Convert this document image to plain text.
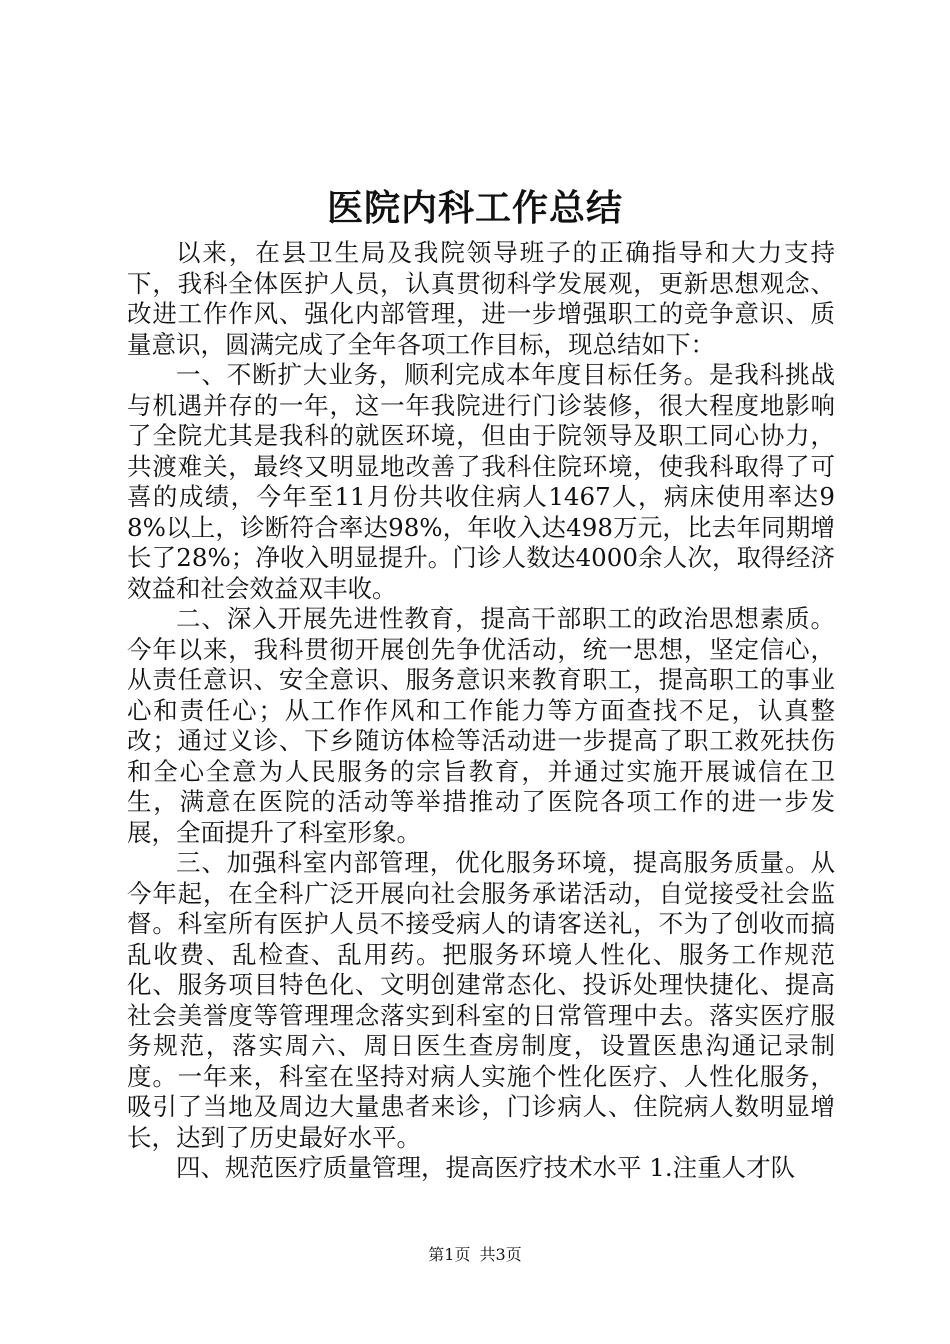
医院内科工作总结

以来，在县卫生局及我院领导班子的正确指导和大力支持下，我科全体医护人员，认真贯彻科学发展观，更新思想观念、改进工作作风、强化内部管理，进一步增强职工的竞争意识、质量意识，圆满完成了全年各项工作目标，现总结如下：

一、不断扩大业务，顺利完成本年度目标任务。是我科挑战与机遇并存的一年，这一年我院进行门诊装修，很大程度地影响了全院尤其是我科的就医环境，但由于院领导及职工同心协力，共渡难关，最终又明显地改善了我科住院环境，使我科取得了可喜的成绩，今年至11月份共收住病人1467人，病床使用率达98%以上，诊断符合率达98%，年收入达498万元，比去年同期增长了28%；净收入明显提升。门诊人数达4000余人次，取得经济效益和社会效益双丰收。

二、深入开展先进性教育，提高干部职工的政治思想素质。今年以来，我科贯彻开展创先争优活动，统一思想，坚定信心，从责任意识、安全意识、服务意识来教育职工，提高职工的事业心和责任心；从工作作风和工作能力等方面查找不足，认真整改；通过义诊、下乡随访体检等活动进一步提高了职工救死扶伤和全心全意为人民服务的宗旨教育，并通过实施开展诚信在卫生，满意在医院的活动等举措推动了医院各项工作的进一步发展，全面提升了科室形象。

三、加强科室内部管理，优化服务环境，提高服务质量。从今年起，在全科广泛开展向社会服务承诺活动，自觉接受社会监督。科室所有医护人员不接受病人的请客送礼，不为了创收而搞乱收费、乱检查、乱用药。把服务环境人性化、服务工作规范化、服务项目特色化、文明创建常态化、投诉处理快捷化、提高社会美誉度等管理理念落实到科室的日常管理中去。落实医疗服务规范，落实周六、周日医生查房制度，设置医患沟通记录制度。一年来，科室在坚持对病人实施个性化医疗、人性化服务，吸引了当地及周边大量患者来诊，门诊病人、住院病人数明显增长，达到了历史最好水平。

四、规范医疗质量管理，提高医疗技术水平 1.注重人才队

第1页 共3页
